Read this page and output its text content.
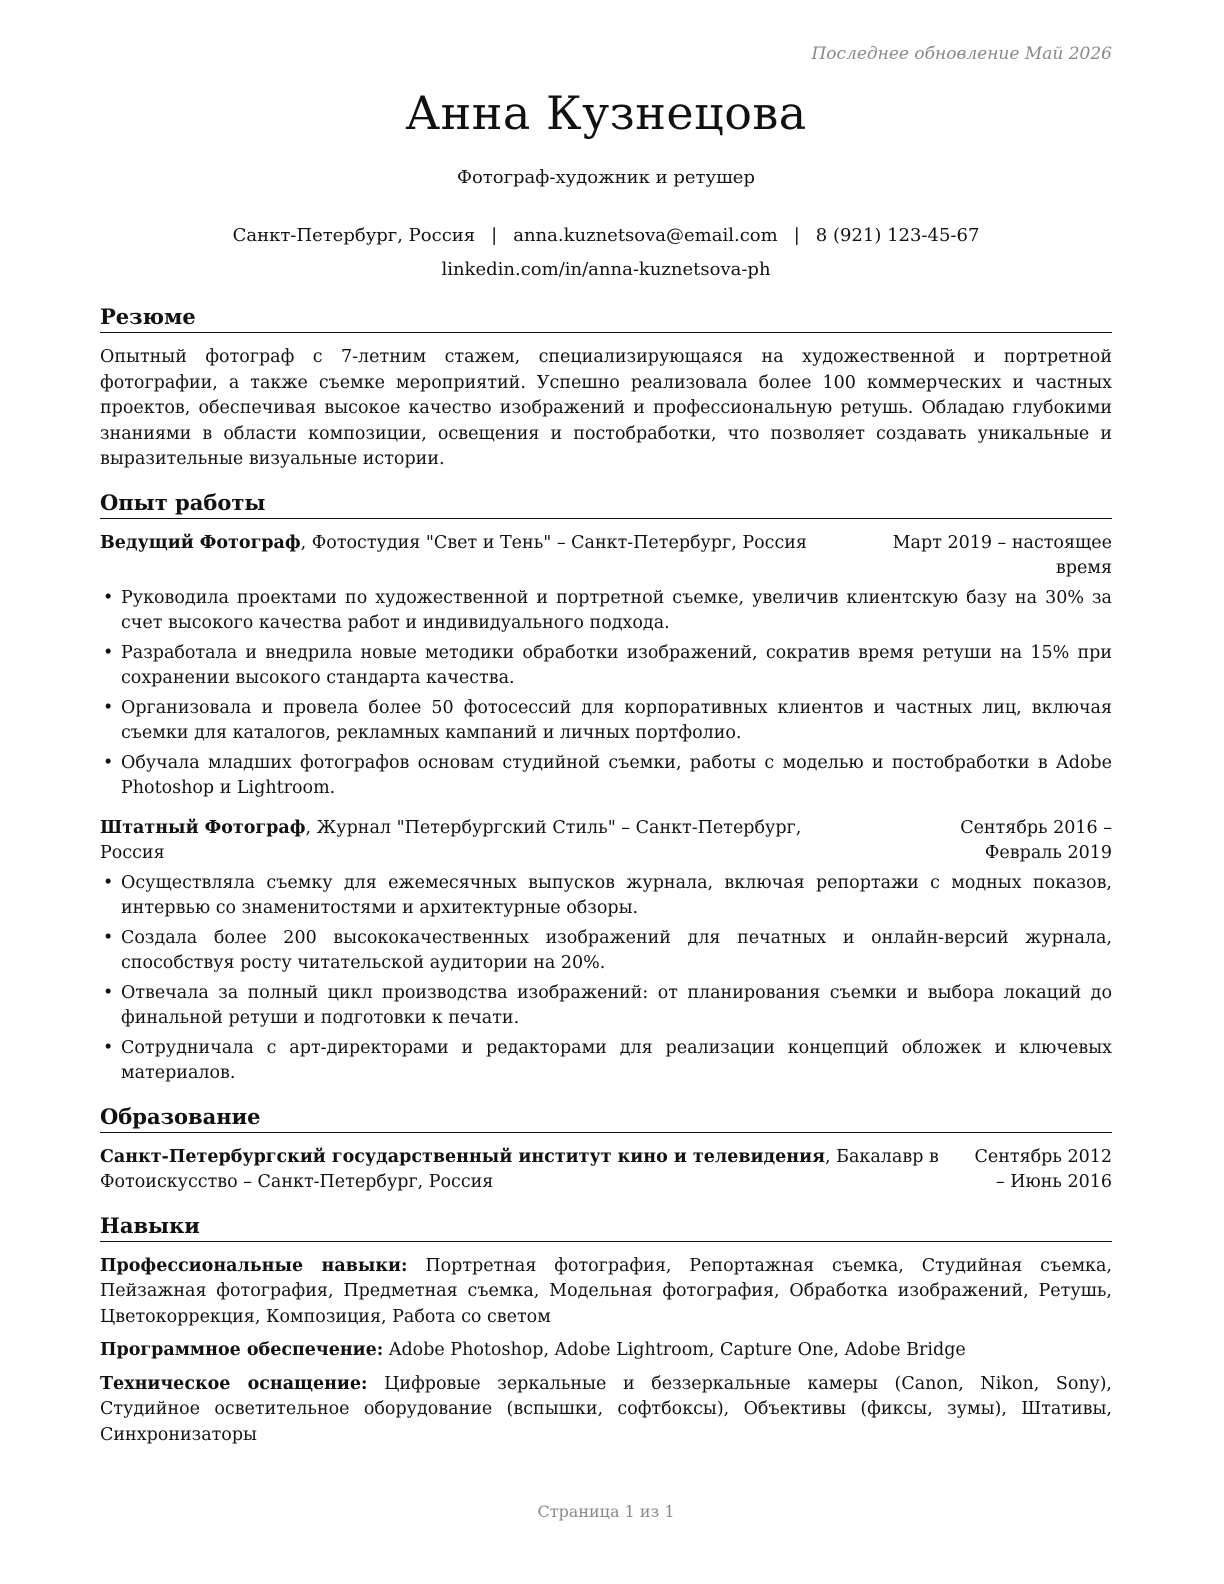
Последнее обновление Май 2026
Анна Кузнецова
Фотограф-художник и ретушер
Санкт-Петербург, Россия | anna.kuznetsova@email.com | 8 (921) 123-45-67
linkedin.com/in/anna-kuznetsova-ph
Резюме

Опытный фотограф с 7-летним стажем, специализирующаяся на художественной и портретной фотографии, а также съемке мероприятий. Успешно реализовала более 100 коммерческих и частных проектов, обеспечивая высокое качество изображений и профессиональную ретушь. Обладаю глубокими знаниями в области композиции, освещения и постобработки, что позволяет создавать уникальные и выразительные визуальные истории.

Опыт работы
Ведущий Фотограф, Фотостудия "Свет и Тень" – Санкт-Петербург, Россия	Март 2019 – настоящее время
• Руководила проектами по художественной и портретной съемке, увеличив клиентскую базу на 30% за счет высокого качества работ и индивидуального подхода.
• Разработала и внедрила новые методики обработки изображений, сократив время ретуши на 15% при сохранении высокого стандарта качества.
• Организовала и провела более 50 фотосессий для корпоративных клиентов и частных лиц, включая съемки для каталогов, рекламных кампаний и личных портфолио.
• Обучала младших фотографов основам студийной съемки, работы с моделью и постобработки в Adobe Photoshop и Lightroom.
Штатный Фотограф, Журнал "Петербургский Стиль" – Санкт-Петербург, Россия
Сентябрь 2016 – Февраль 2019
• Осуществляла съемку для ежемесячных выпусков журнала, включая репортажи с модных показов, интервью со знаменитостями и архитектурные обзоры.
• Создала более 200 высококачественных изображений для печатных и онлайн-версий журнала, способствуя росту читательской аудитории на 20%.
• Отвечала за полный цикл производства изображений: от планирования съемки и выбора локаций до финальной ретуши и подготовки к печати.
• Сотрудничала с арт-директорами и редакторами для реализации концепций обложек и ключевых материалов.
Образование
Санкт-Петербургский государственный институт кино и телевидения, Бакалавр в Фотоискусство – Санкт-Петербург, Россия
Сентябрь 2012 – Июнь 2016
Навыки

Профессиональные навыки: Портретная фотография, Репортажная съемка, Студийная съемка, Пейзажная фотография, Предметная съемка, Модельная фотография, Обработка изображений, Ретушь, Цветокоррекция, Композиция, Работа со светом

Программное обеспечение: Adobe Photoshop, Adobe Lightroom, Capture One, Adobe Bridge

Техническое оснащение: Цифровые зеркальные и беззеркальные камеры (Canon, Nikon, Sony), Студийное осветительное оборудование (вспышки, софтбоксы), Объективы (фиксы, зумы), Штативы, Синхронизаторы

Страница 1 из 1
